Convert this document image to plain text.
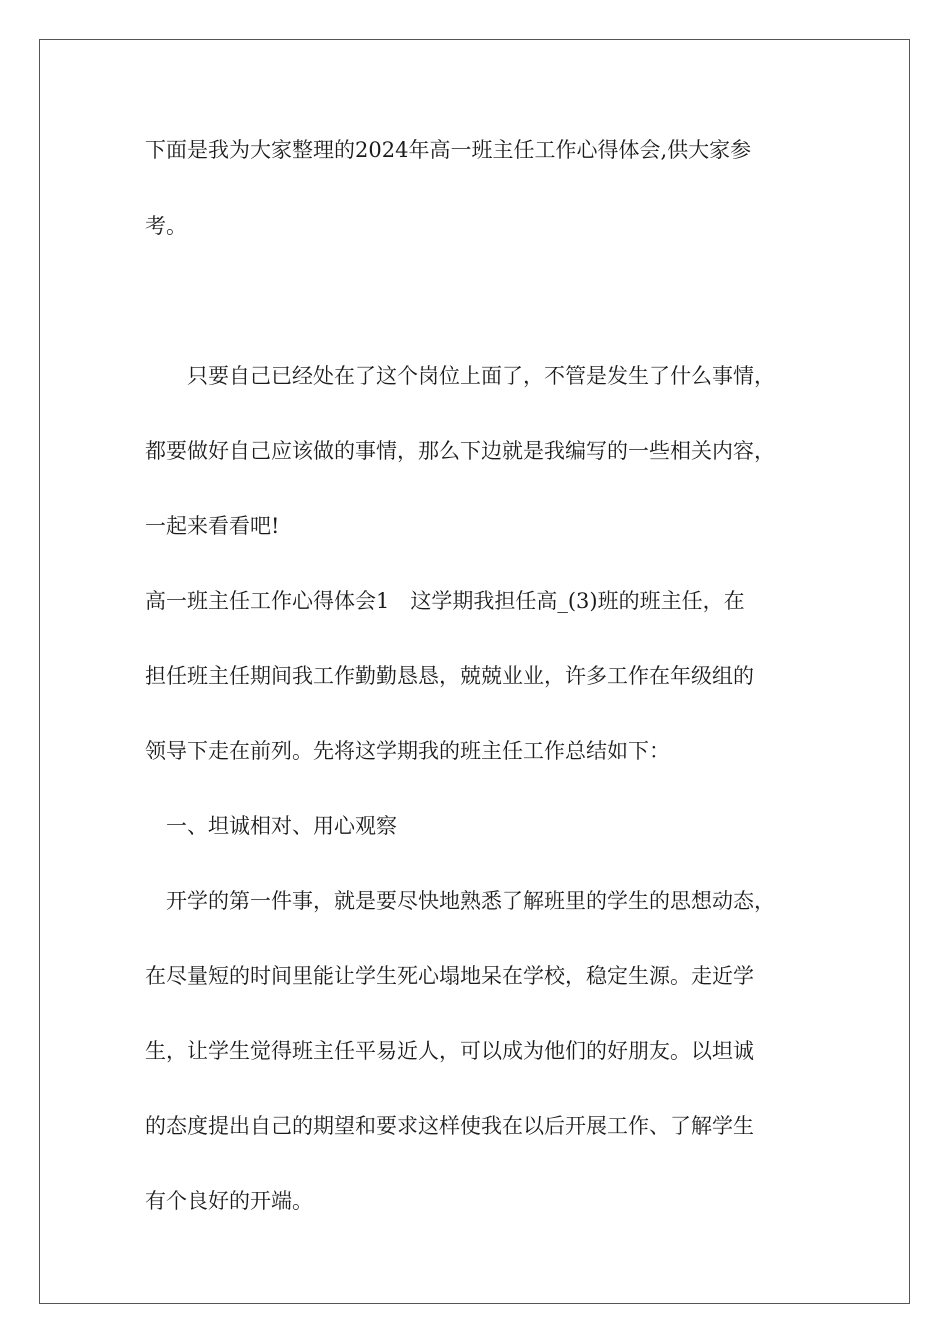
下面是我为大家整理的2024年高一班主任工作心得体会,供大家参

考。

　　只要自己已经处在了这个岗位上面了，不管是发生了什么事情，

都要做好自己应该做的事情，那么下边就是我编写的一些相关内容，

一起来看看吧!

高一班主任工作心得体会1　这学期我担任高_(3)班的班主任，在

担任班主任期间我工作勤勤恳恳，兢兢业业，许多工作在年级组的

领导下走在前列。先将这学期我的班主任工作总结如下：

　一、坦诚相对、用心观察

　开学的第一件事，就是要尽快地熟悉了解班里的学生的思想动态，

在尽量短的时间里能让学生死心塌地呆在学校，稳定生源。走近学

生，让学生觉得班主任平易近人，可以成为他们的好朋友。以坦诚

的态度提出自己的期望和要求这样使我在以后开展工作、了解学生

有个良好的开端。
